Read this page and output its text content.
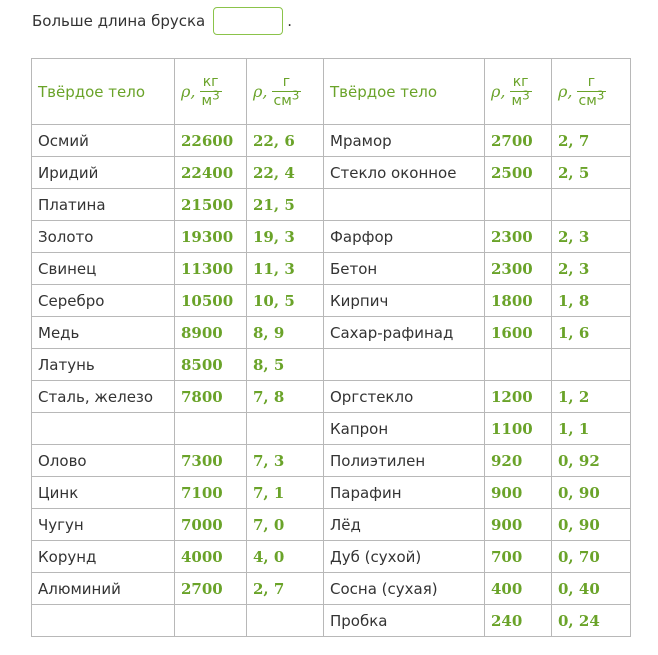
Больше длина бруска	.
Твёрдое тело	ρ, $\frac{кг}{м^3}$	ρ, $\frac{г}{см^3}$	Твёрдое тело	ρ, $\frac{кг}{м^3}$	ρ, $\frac{г}{см^3}$

Осмий	22600	22, 6	Мрамор	2700	2, 7
Иридий	22400	22, 4	Стекло оконное	2500	2, 5
Платина	21500	21, 5			
Золото	19300	19, 3	Фарфор	2300	2, 3
Свинец	11300	11, 3	Бетон	2300	2, 3
Серебро	10500	10, 5	Кирпич	1800	1, 8
Медь	8900	8, 9	Сахар-рафинад	1600	1, 6
Латунь	8500	8, 5			
Сталь, железо	7800	7, 8	Оргстекло	1200	1, 2
			Капрон	1100	1, 1
Олово	7300	7, 3	Полиэтилен	920	0, 92
Цинк	7100	7, 1	Парафин	900	0, 90
Чугун	7000	7, 0	Лёд	900	0, 90
Корунд	4000	4, 0	Дуб (сухой)	700	0, 70
Алюминий	2700	2, 7	Сосна (сухая)	400	0, 40
			Пробка	240	0, 24
